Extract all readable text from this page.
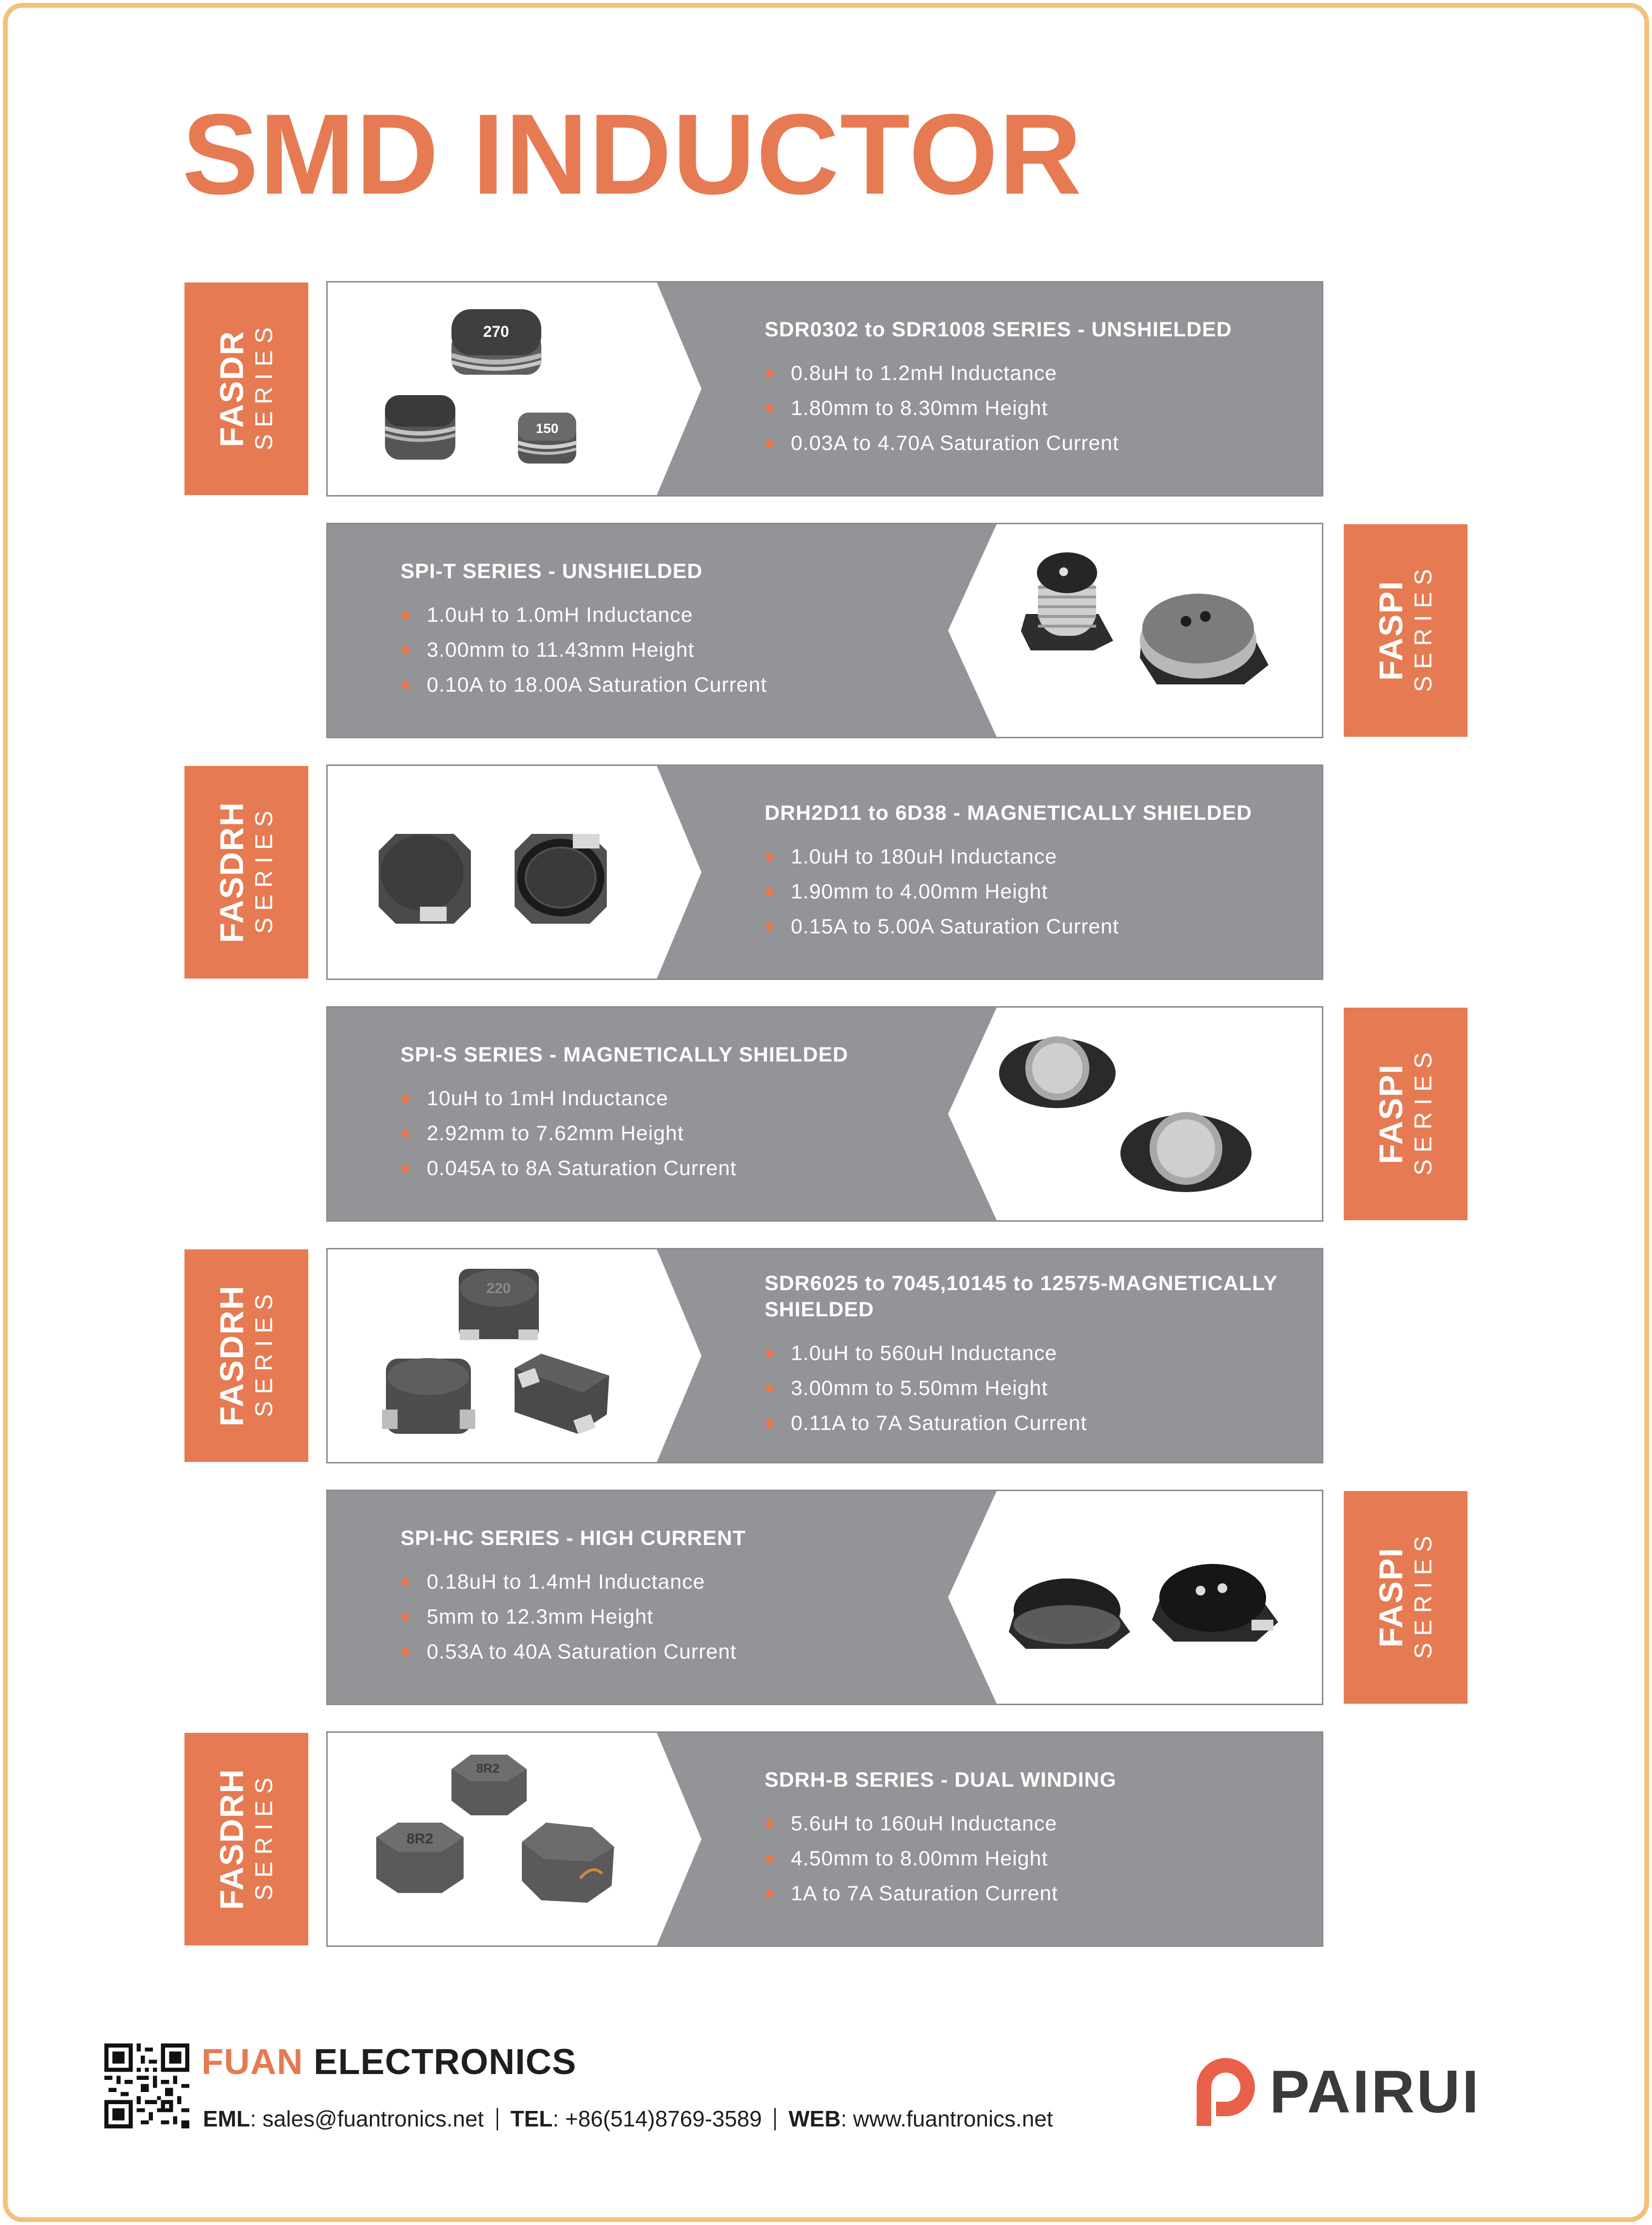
SMD INDUCTOR
FASDR SERIES	270
150
SDR0302 to SDR1008 SERIES - UNSHIELDED
0.8uH to 1.2mH Inductance
1.80mm to 8.30mm Height
0.03A to 4.70A Saturation Current
SPI-T SERIES - UNSHIELDED
1.0uH to 1.0mH Inductance
3.00mm to 11.43mm Height
0.10A to 18.00A Saturation Current
FASPI SERIES
FASDRH SERIES	DRH2D11 to 6D38 - MAGNETICALLY SHIELDED
1.0uH to 180uH Inductance
1.90mm to 4.00mm Height
0.15A to 5.00A Saturation Current
SPI-S SERIES - MAGNETICALLY SHIELDED
10uH to 1mH Inductance
2.92mm to 7.62mm Height
0.045A to 8A Saturation Current
FASPI SERIES
FASDRH SERIES	220	SDR6025 to 7045,10145 to 12575-MAGNETICALLY SHIELDED
1.0uH to 560uH Inductance
3.00mm to 5.50mm Height
0.11A to 7A Saturation Current
SPI-HC SERIES - HIGH CURRENT
0.18uH to 1.4mH Inductance
5mm to 12.3mm Height
0.53A to 40A Saturation Current
FASPI SERIES
FASDRH SERIES
8R2
8R2
SDRH-B SERIES - DUAL WINDING
5.6uH to 160uH Inductance
4.50mm to 8.00mm Height
1A to 7A Saturation Current
FUAN ELECTRONICS
EML: sales@fuantronics.net TEL: +86(514)8769-3589 WEB: www.fuantronics.net	PAIRUI
